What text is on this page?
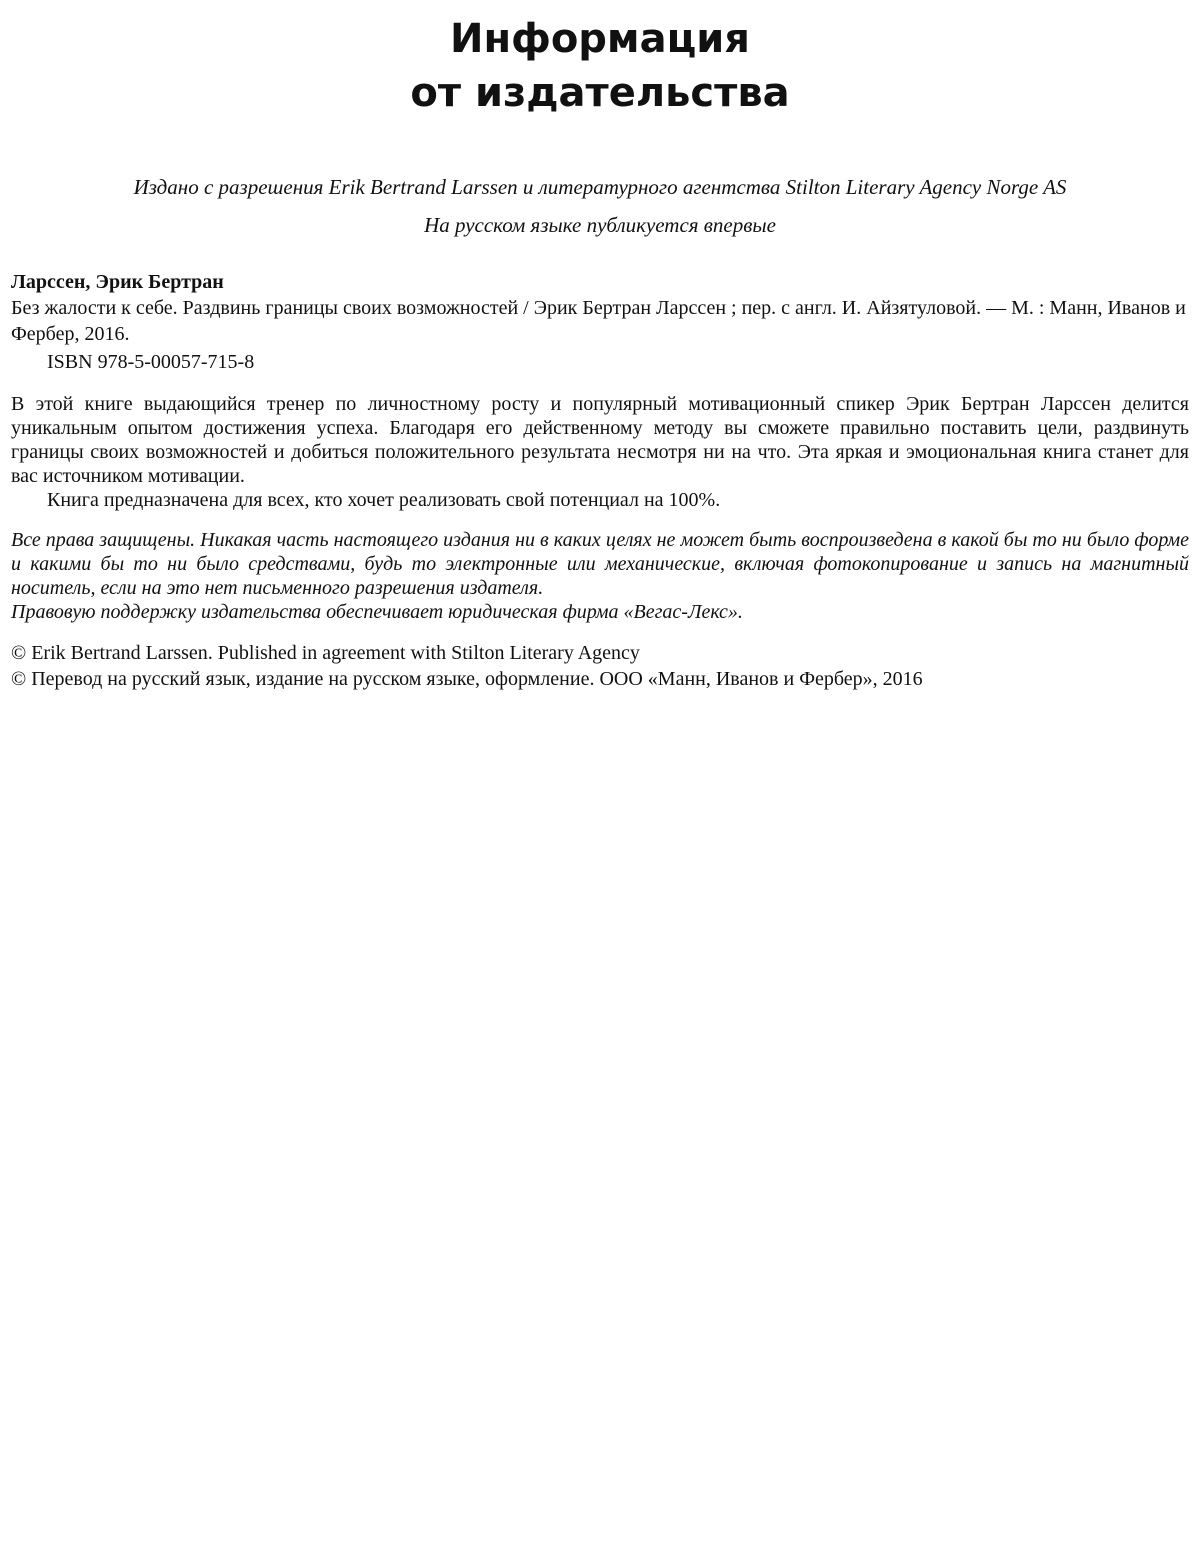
Информация
от издательства

Издано с разрешения Erik Bertrand Larssen и литературного агентства Stilton Literary Agency Norge AS

На русском языке публикуется впервые

Ларссен, Эрик Бертран

Без жалости к себе. Раздвинь границы своих возможностей / Эрик Бертран Ларссен ; пер. с англ. И. Айзятуловой. — М. : Манн, Иванов и Фербер, 2016.

ISBN 978-5-00057-715-8

В этой книге выдающийся тренер по личностному росту и популярный мотивационный спикер Эрик Бертран Ларссен делится уникальным опытом достижения успеха. Благодаря его действенному методу вы сможете правильно поставить цели, раздвинуть границы своих возможностей и добиться положительного результата несмотря ни на что. Эта яркая и эмоциональная книга станет для вас источником мотивации.

Книга предназначена для всех, кто хочет реализовать свой потенциал на 100%.

Все права защищены. Никакая часть настоящего издания ни в каких целях не может быть воспроизведена в какой бы то ни было форме и какими бы то ни было средствами, будь то электронные или механические, включая фотокопирование и запись на магнитный носитель, если на это нет письменного разрешения издателя.

Правовую поддержку издательства обеспечивает юридическая фирма «Вегас-Лекс».

© Erik Bertrand Larssen. Published in agreement with Stilton Literary Agency

© Перевод на русский язык, издание на русском языке, оформление. ООО «Манн, Иванов и Фербер», 2016
